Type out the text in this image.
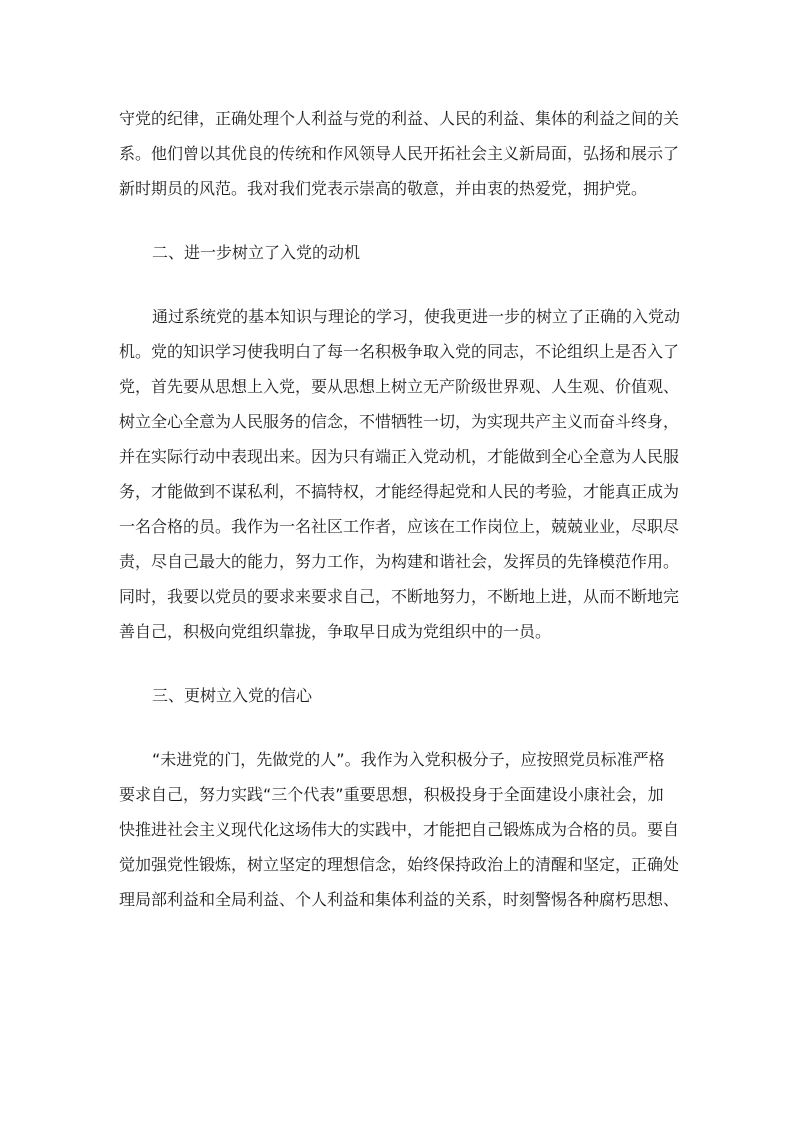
守党的纪律，正确处理个人利益与党的利益、人民的利益、集体的利益之间的关
系。他们曾以其优良的传统和作风领导人民开拓社会主义新局面，弘扬和展示了
新时期员的风范。我对我们党表示崇高的敬意，并由衷的热爱党，拥护党。
二、进一步树立了入党的动机
通过系统党的基本知识与理论的学习，使我更进一步的树立了正确的入党动
机。党的知识学习使我明白了每一名积极争取入党的同志，不论组织上是否入了
党，首先要从思想上入党，要从思想上树立无产阶级世界观、人生观、价值观、
树立全心全意为人民服务的信念，不惜牺牲一切，为实现共产主义而奋斗终身，
并在实际行动中表现出来。因为只有端正入党动机，才能做到全心全意为人民服
务，才能做到不谋私利，不搞特权，才能经得起党和人民的考验，才能真正成为
一名合格的员。我作为一名社区工作者，应该在工作岗位上，兢兢业业，尽职尽
责，尽自己最大的能力，努力工作，为构建和谐社会，发挥员的先锋模范作用。
同时，我要以党员的要求来要求自己，不断地努力，不断地上进，从而不断地完
善自己，积极向党组织靠拢，争取早日成为党组织中的一员。
三、更树立入党的信心
“未进党的门，先做党的人”。我作为入党积极分子，应按照党员标准严格
要求自己，努力实践“三个代表”重要思想，积极投身于全面建设小康社会，加
快推进社会主义现代化这场伟大的实践中，才能把自己锻炼成为合格的员。要自
觉加强党性锻炼，树立坚定的理想信念，始终保持政治上的清醒和坚定，正确处
理局部利益和全局利益、个人利益和集体利益的关系，时刻警惕各种腐朽思想、
